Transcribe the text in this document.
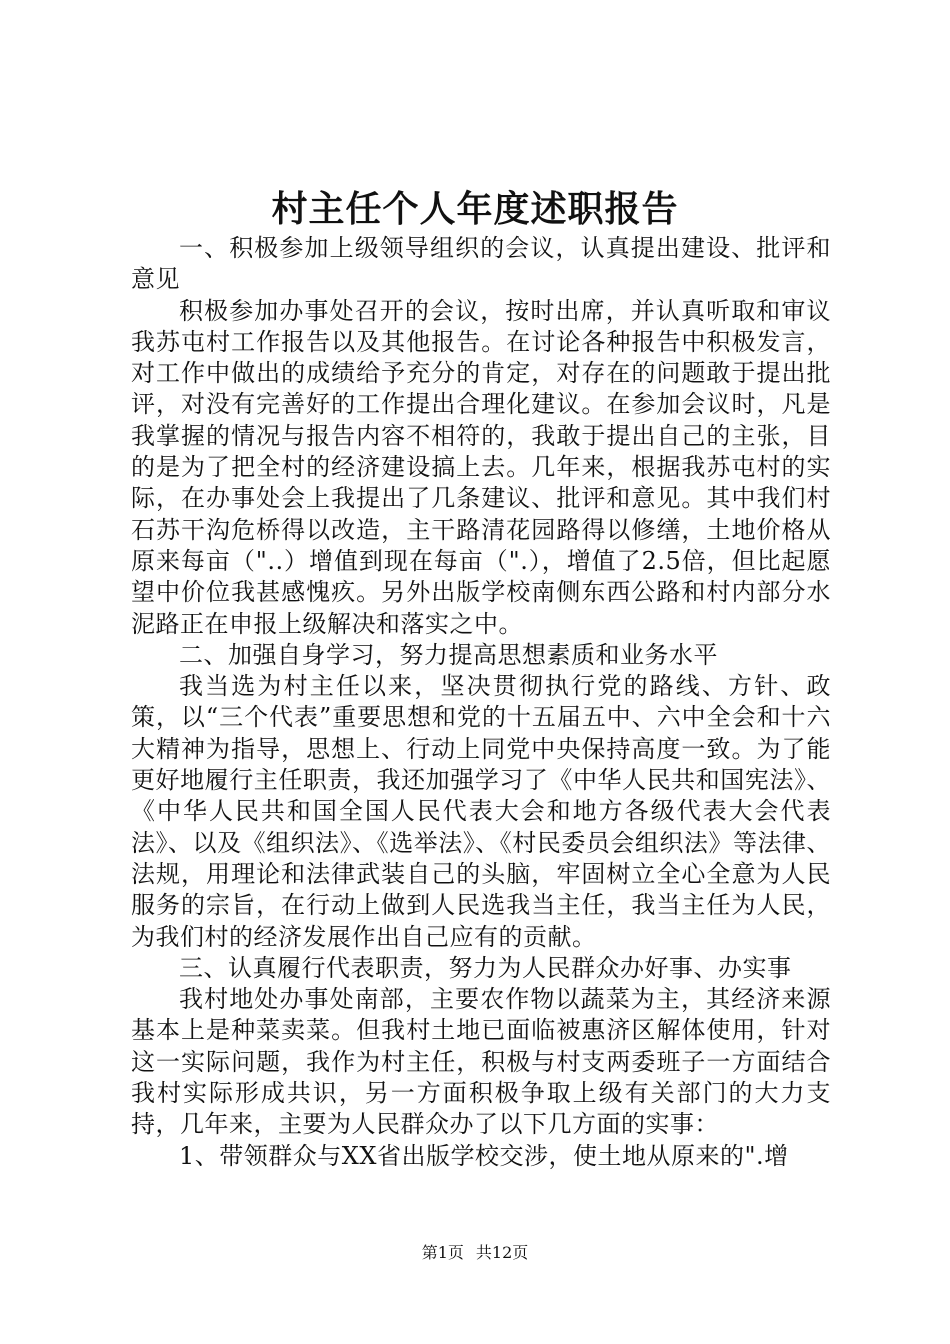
村主任个人年度述职报告

一、积极参加上级领导组织的会议，认真提出建设、批评和意见

积极参加办事处召开的会议，按时出席，并认真听取和审议我苏屯村工作报告以及其他报告。在讨论各种报告中积极发言，对工作中做出的成绩给予充分的肯定，对存在的问题敢于提出批评，对没有完善好的工作提出合理化建议。在参加会议时，凡是我掌握的情况与报告内容不相符的，我敢于提出自己的主张，目的是为了把全村的经济建设搞上去。几年来，根据我苏屯村的实际，在办事处会上我提出了几条建议、批评和意见。其中我们村石苏干沟危桥得以改造，主干路清花园路得以修缮，土地价格从原来每亩（"..）增值到现在每亩（".），增值了2.5倍，但比起愿望中价位我甚感愧疚。另外出版学校南侧东西公路和村内部分水泥路正在申报上级解决和落实之中。

二、加强自身学习，努力提高思想素质和业务水平

我当选为村主任以来，坚决贯彻执行党的路线、方针、政策，以“三个代表”重要思想和党的十五届五中、六中全会和十六大精神为指导，思想上、行动上同党中央保持高度一致。为了能更好地履行主任职责，我还加强学习了《中华人民共和国宪法》、《中华人民共和国全国人民代表大会和地方各级代表大会代表法》、以及《组织法》、《选举法》、《村民委员会组织法》等法律、法规，用理论和法律武装自己的头脑，牢固树立全心全意为人民服务的宗旨，在行动上做到人民选我当主任，我当主任为人民，为我们村的经济发展作出自己应有的贡献。

三、认真履行代表职责，努力为人民群众办好事、办实事

我村地处办事处南部，主要农作物以蔬菜为主，其经济来源基本上是种菜卖菜。但我村土地已面临被惠济区解体使用，针对这一实际问题，我作为村主任，积极与村支两委班子一方面结合我村实际形成共识，另一方面积极争取上级有关部门的大力支持，几年来，主要为人民群众办了以下几方面的实事：

1、带领群众与XX省出版学校交涉，使土地从原来的".增

第1页 共12页
